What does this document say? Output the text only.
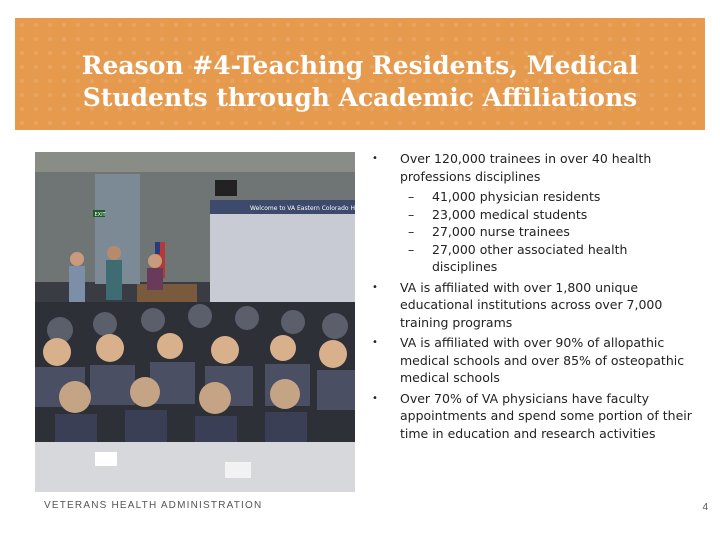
Reason #4-Teaching Residents, Medical
Students through Academic Affiliations
Welcome to VA Eastern Colorado Health Care
EXIT
• Over 120,000 trainees in over 40 health professions disciplines
– 41,000 physician residents
– 23,000 medical students
– 27,000 nurse trainees
– 27,000 other associated health disciplines
• VA is affiliated with over 1,800 unique educational institutions across over 7,000 training programs
• VA is affiliated with over 90% of allopathic medical schools and over 85% of osteopathic medical schools
• Over 70% of VA physicians have faculty appointments and spend some portion of their time in education and research activities
VETERANS HEALTH ADMINISTRATION	4
